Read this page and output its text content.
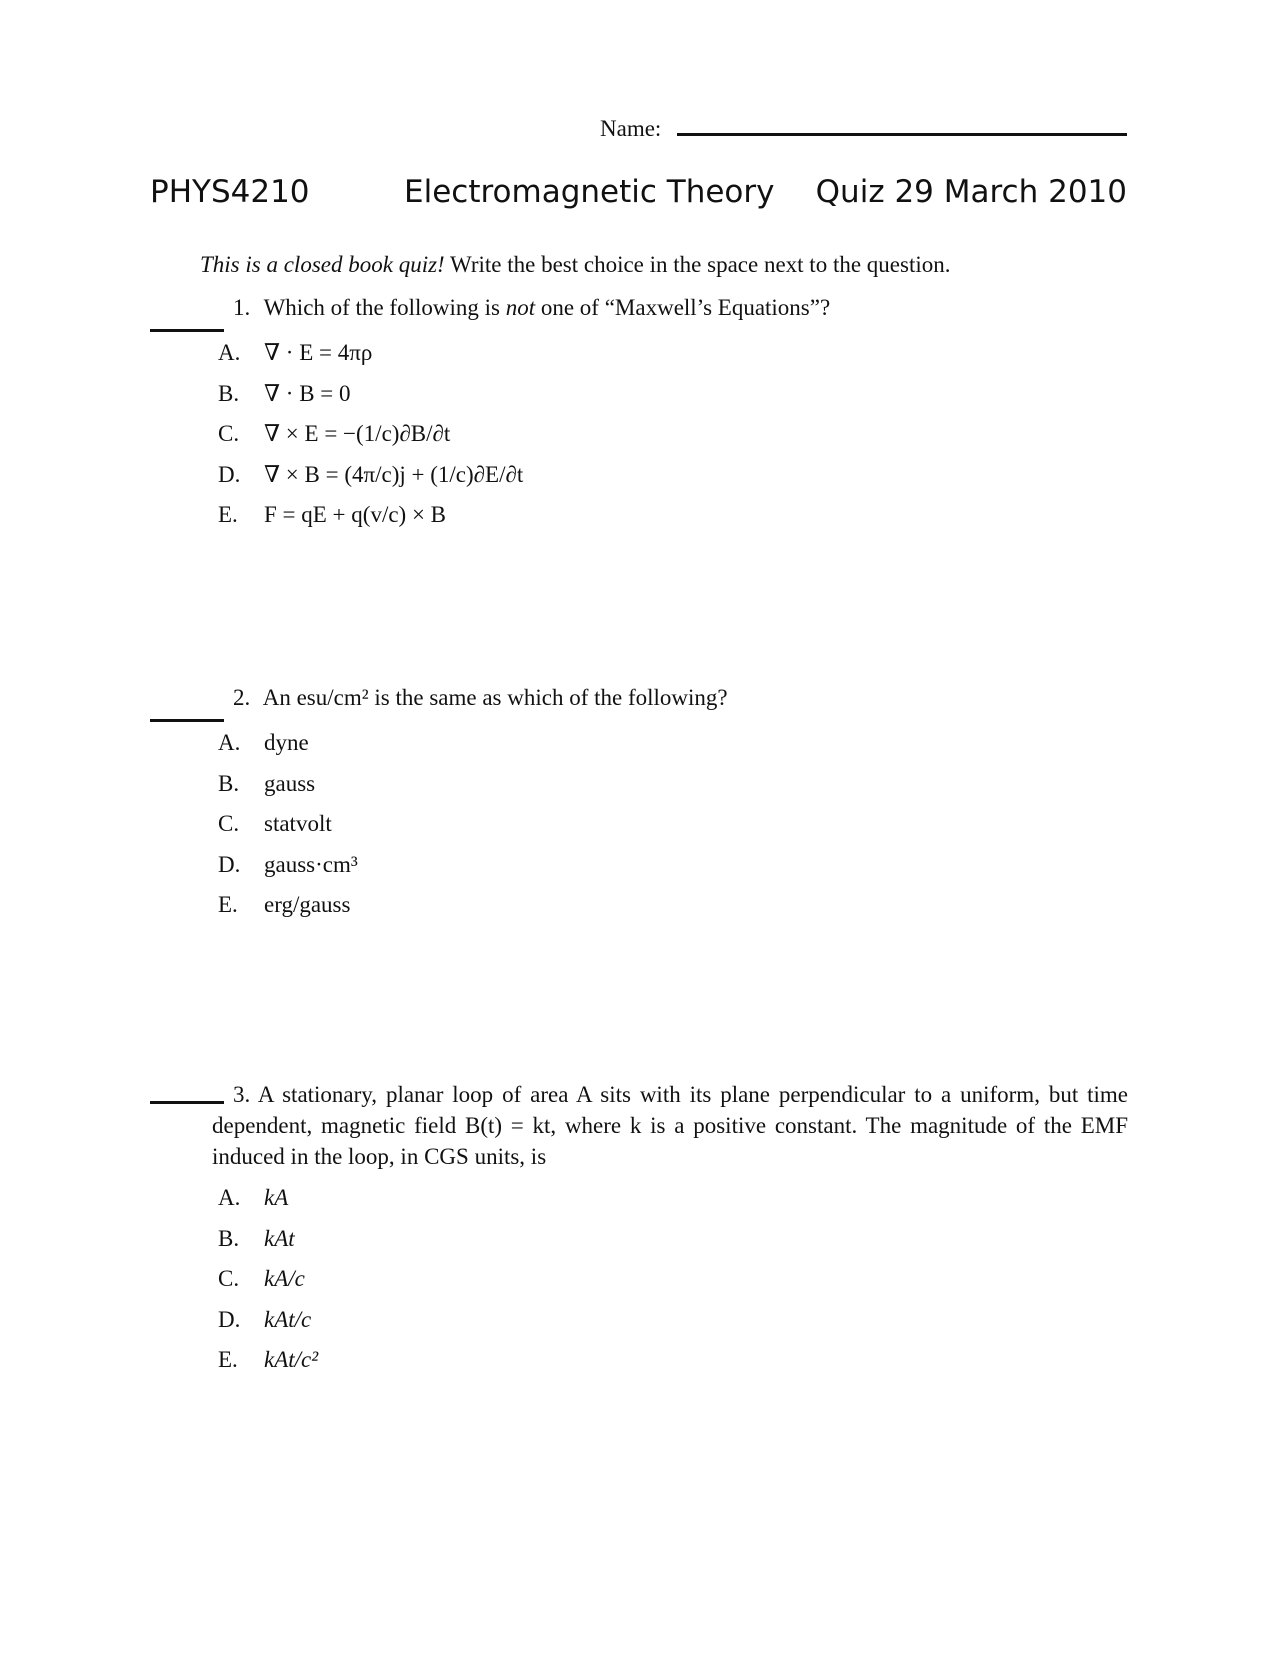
Name:
PHYS4210	Electromagnetic Theory Quiz 29 March 2010
This is a closed book quiz! Write the best choice in the space next to the question.
1. Which of the following is not one of “Maxwell’s Equations”?
A. ∇ · E = 4πρ
B. ∇ · B = 0
C. ∇ × E = −(1/c)∂B/∂t
D. ∇ × B = (4π/c)j + (1/c)∂E/∂t
E. F = qE + q(v/c) × B
2. An esu/cm² is the same as which of the following?
A. dyne
B. gauss
C. statvolt
D. gauss·cm³
E. erg/gauss
3. A stationary, planar loop of area A sits with its plane perpendicular to a uniform, but time dependent, magnetic field B(t) = kt, where k is a positive constant. The magnitude of the EMF induced in the loop, in CGS units, is
A. kA
B. kAt
C. kA/c
D. kAt/c
E. kAt/c²
